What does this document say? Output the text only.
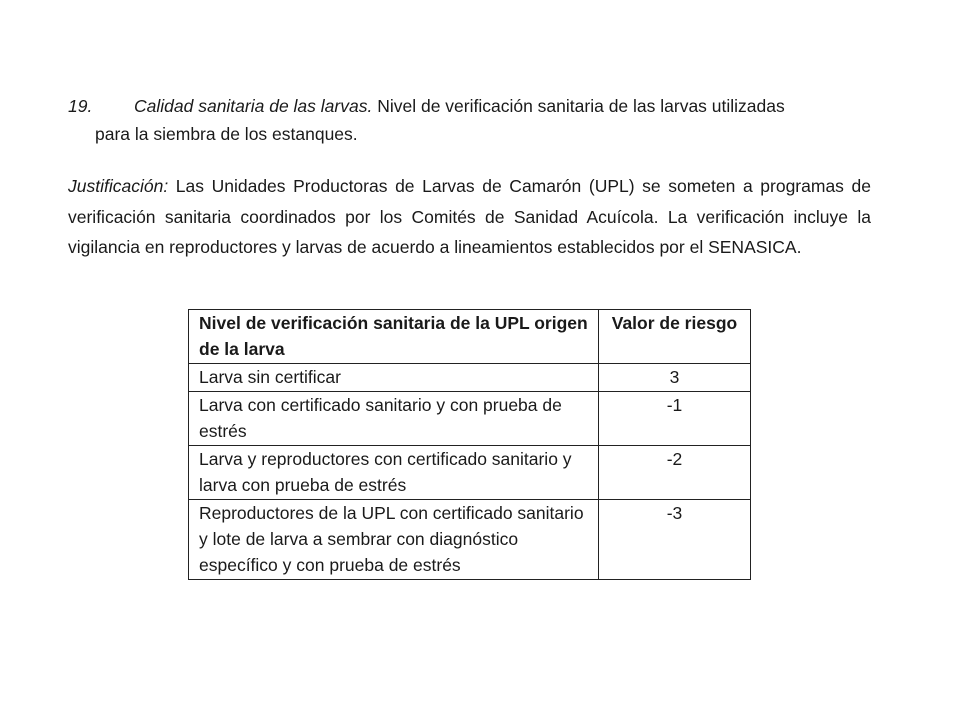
19. Calidad sanitaria de las larvas. Nivel de verificación sanitaria de las larvas utilizadas
para la siembra de los estanques.
Justificación: Las Unidades Productoras de Larvas de Camarón (UPL) se someten a programas de verificación sanitaria coordinados por los Comités de Sanidad Acuícola. La verificación incluye la vigilancia en reproductores y larvas de acuerdo a lineamientos establecidos por el SENASICA.
Nivel de verificación sanitaria de la UPL origen de la larva	Valor de riesgo
Larva sin certificar	3
Larva con certificado sanitario y con prueba de estrés	-1
Larva y reproductores con certificado sanitario y larva con prueba de estrés	-2
Reproductores de la UPL con certificado sanitario y lote de larva a sembrar con diagnóstico específico y con prueba de estrés	-3
